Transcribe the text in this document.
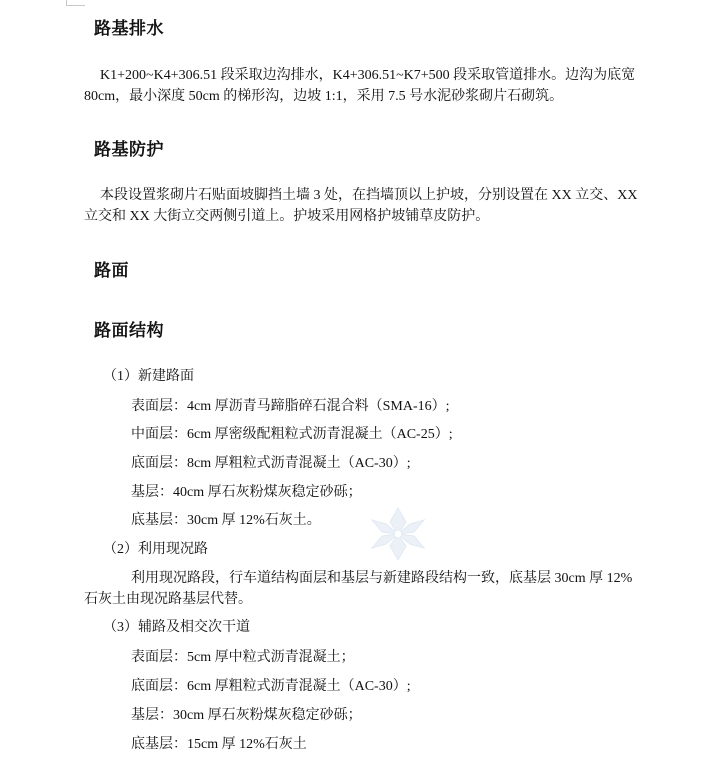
路基排水

K1+200~K4+306.51 段采取边沟排水，K4+306.51~K7+500 段采取管道排水。边沟为底宽

80cm，最小深度 50cm 的梯形沟，边坡 1:1，采用 7.5 号水泥砂浆砌片石砌筑。

路基防护

本段设置浆砌片石贴面坡脚挡土墙 3 处，在挡墙顶以上护坡，分别设置在 XX 立交、XX

立交和 XX 大街立交两侧引道上。护坡采用网格护坡铺草皮防护。

路面
路面结构

（1）新建路面

表面层：4cm 厚沥青马蹄脂碎石混合料（SMA-16）;

中面层：6cm 厚密级配粗粒式沥青混凝土（AC-25）;

底面层：8cm 厚粗粒式沥青混凝土（AC-30）;

基层：40cm 厚石灰粉煤灰稳定砂砾；

底基层：30cm 厚 12%石灰土。

（2）利用现况路

利用现况路段，行车道结构面层和基层与新建路段结构一致，底基层 30cm 厚 12%

石灰土由现况路基层代替。

（3）辅路及相交次干道

表面层：5cm 厚中粒式沥青混凝土；

底面层：6cm 厚粗粒式沥青混凝土（AC-30）;

基层：30cm 厚石灰粉煤灰稳定砂砾；

底基层：15cm 厚 12%石灰土
